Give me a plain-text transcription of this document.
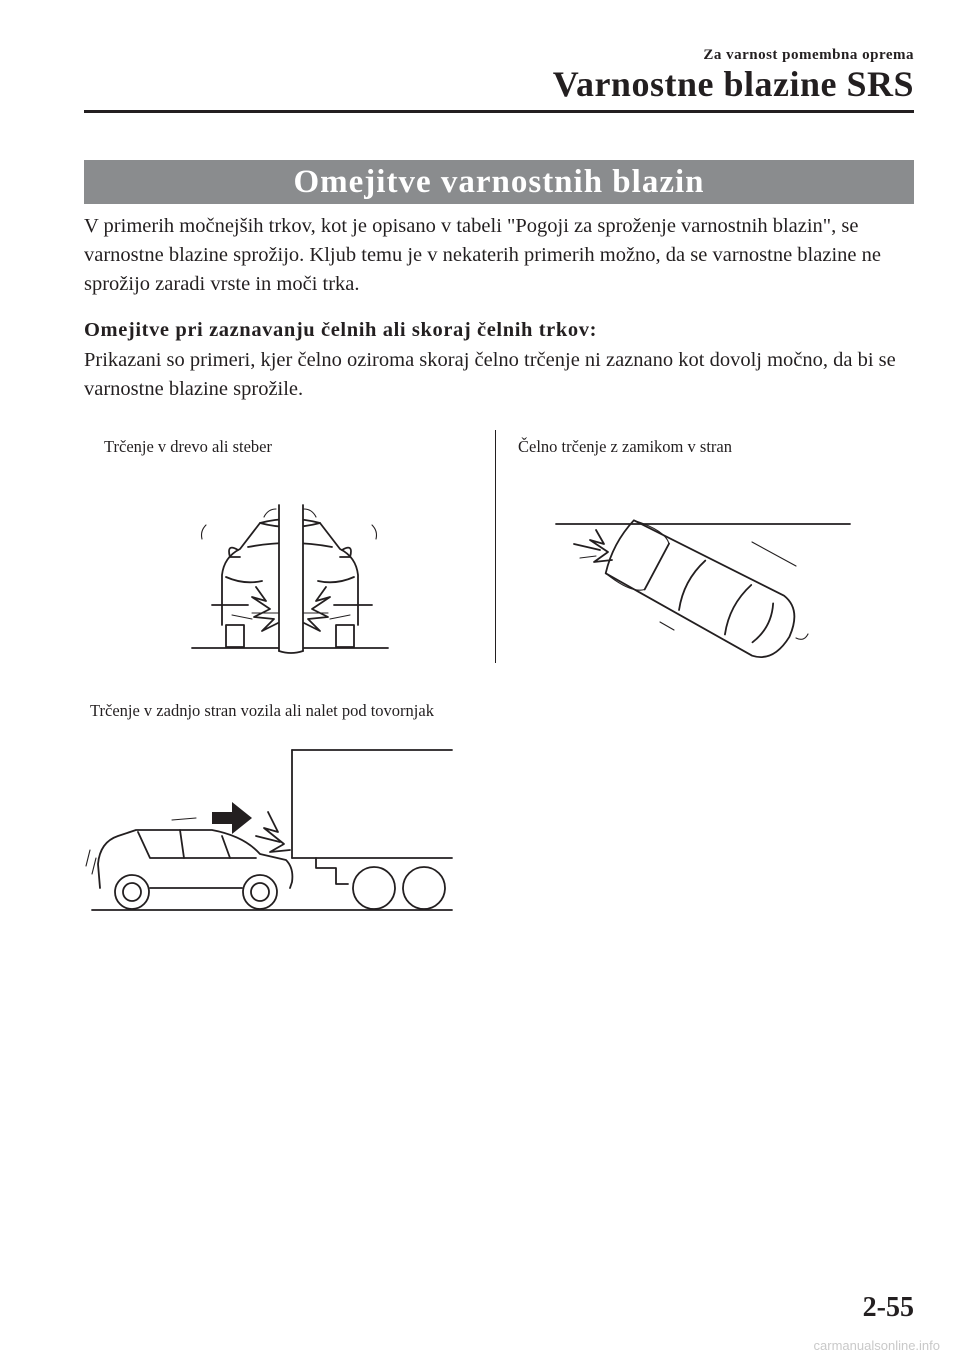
Za varnost pomembna oprema
Varnostne blazine SRS
Omejitve varnostnih blazin
V primerih močnejših trkov, kot je opisano v tabeli "Pogoji za sproženje varnostnih blazin", se varnostne blazine sprožijo. Kljub temu je v nekaterih primerih možno, da se varnostne blazine ne sprožijo zaradi vrste in moči trka.
Omejitve pri zaznavanju čelnih ali skoraj čelnih trkov:
Prikazani so primeri, kjer čelno oziroma skoraj čelno trčenje ni zaznano kot dovolj močno, da bi se varnostne blazine sprožile.
Trčenje v drevo ali steber	Čelno trčenje z zamikom v stran
Trčenje v zadnjo stran vozila ali nalet pod tovornjak
2-55
carmanualsonline.info
